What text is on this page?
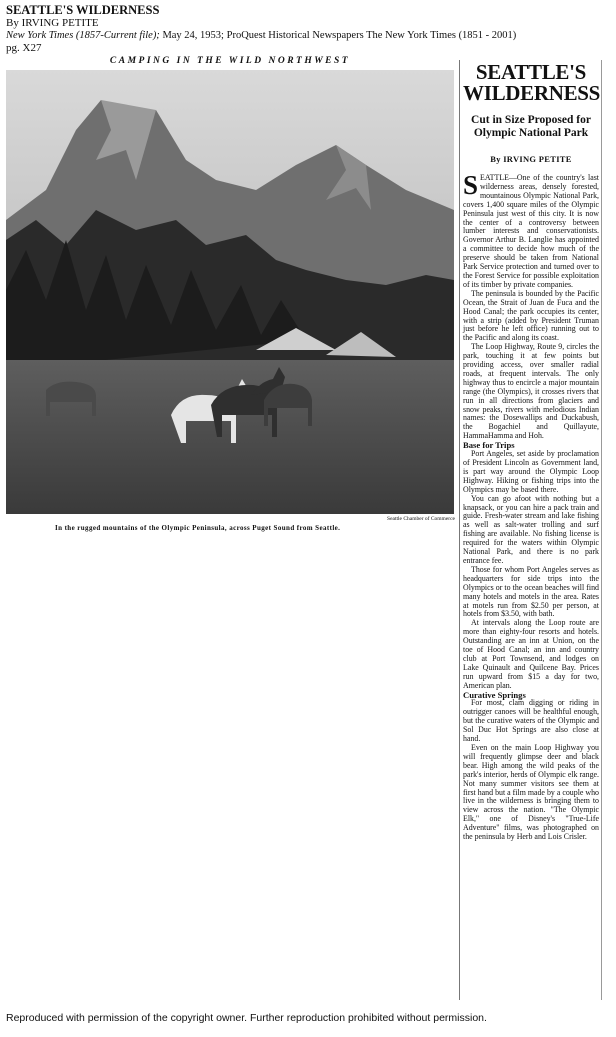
SEATTLE'S WILDERNESS
By IRVING PETITE
New York Times (1857-Current file); May 24, 1953; ProQuest Historical Newspapers The New York Times (1851 - 2001)
pg. X27
CAMPING IN THE WILD NORTHWEST
Seattle Chamber of Commerce
In the rugged mountains of the Olympic Peninsula, across Puget Sound from Seattle.
SEATTLE'S WILDERNESS
Cut in Size Proposed for Olympic National Park
By IRVING PETITE

SEATTLE—One of the country's last wilderness areas, densely forested, mountainous Olympic National Park, covers 1,400 square miles of the Olympic Peninsula just west of this city. It is now the center of a controversy between lumber interests and conservationists. Governor Arthur B. Langlie has appointed a committee to decide how much of the preserve should be taken from National Park Service protection and turned over to the Forest Service for possible exploitation of its timber by private companies.

The peninsula is bounded by the Pacific Ocean, the Strait of Juan de Fuca and the Hood Canal; the park occupies its center, with a strip (added by President Truman just before he left office) running out to the Pacific and along its coast.

The Loop Highway, Route 9, circles the park, touching it at few points but providing access, over smaller radial roads, at frequent intervals. The only highway thus to encircle a major mountain range (the Olympics), it crosses rivers that run in all directions from glaciers and snow peaks, rivers with melodious Indian names: the Dosewallips and Duckabush, the Bogachiel and Quillayute, HammaHamma and Hoh.

Base for Trips

Port Angeles, set aside by proclamation of President Lincoln as Government land, is part way around the Olympic Loop Highway. Hiking or fishing trips into the Olympics may be based there.

You can go afoot with nothing but a knapsack, or you can hire a pack train and guide. Fresh-water stream and lake fishing as well as salt-water trolling and surf fishing are available. No fishing license is required for the waters within Olympic National Park, and there is no park entrance fee.

Those for whom Port Angeles serves as headquarters for side trips into the Olympics or to the ocean beaches will find many hotels and motels in the area. Rates at motels run from $2.50 per person, at hotels from $3.50, with bath.

At intervals along the Loop route are more than eighty-four resorts and hotels. Outstanding are an inn at Union, on the toe of Hood Canal; an inn and country club at Port Townsend, and lodges on Lake Quinault and Quilcene Bay. Prices run upward from $15 a day for two, American plan.

Curative Springs

For most, clam digging or riding in outrigger canoes will be healthful enough, but the curative waters of the Olympic and Sol Duc Hot Springs are also close at hand.

Even on the main Loop Highway you will frequently glimpse deer and black bear. High among the wild peaks of the park's interior, herds of Olympic elk range. Not many summer visitors see them at first hand but a film made by a couple who live in the wilderness is bringing them to view across the nation. "The Olympic Elk," one of Disney's "True-Life Adventure" films, was photographed on the peninsula by Herb and Lois Crisler.

Reproduced with permission of the copyright owner. Further reproduction prohibited without permission.
